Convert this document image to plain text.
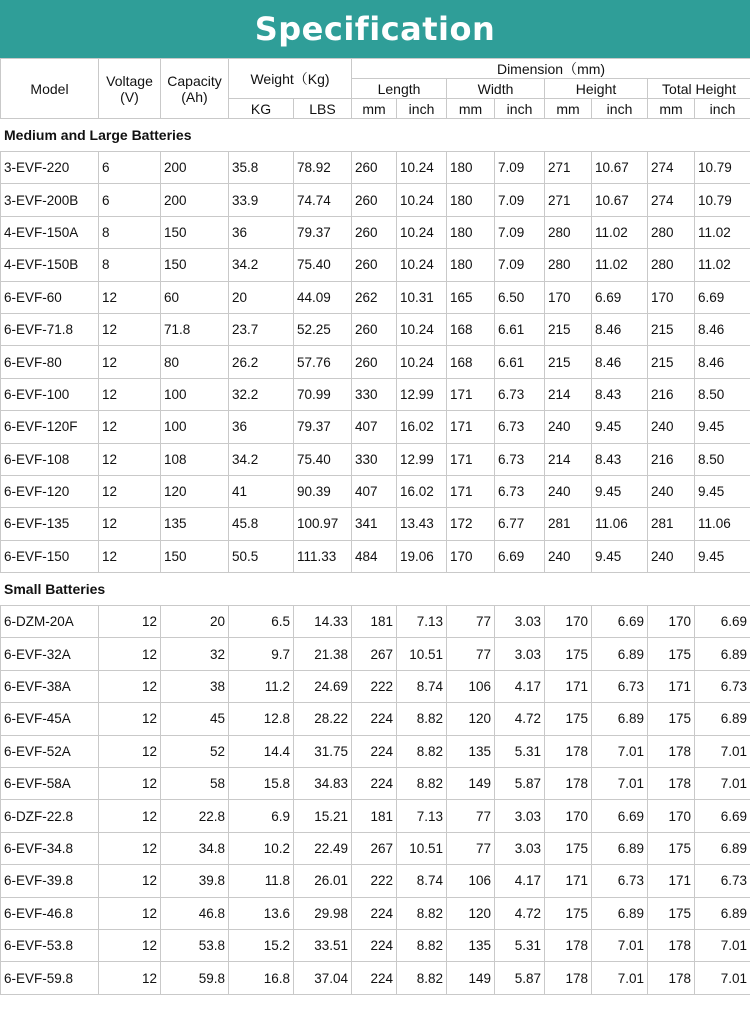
Specification
Model	Voltage (V)	Capacity (Ah)	Weight（Kg)		Dimension（mm)							
					Length		Width		Height		Total Height	
			KG	LBS	mm	inch	mm	inch	mm	inch	mm	inch
Medium and Large Batteries												
3-EVF-220	6	200	35.8	78.92	260	10.24	180	7.09	271	10.67	274	10.79
3-EVF-200B	6	200	33.9	74.74	260	10.24	180	7.09	271	10.67	274	10.79
4-EVF-150A	8	150	36	79.37	260	10.24	180	7.09	280	11.02	280	11.02
4-EVF-150B	8	150	34.2	75.40	260	10.24	180	7.09	280	11.02	280	11.02
6-EVF-60	12	60	20	44.09	262	10.31	165	6.50	170	6.69	170	6.69
6-EVF-71.8	12	71.8	23.7	52.25	260	10.24	168	6.61	215	8.46	215	8.46
6-EVF-80	12	80	26.2	57.76	260	10.24	168	6.61	215	8.46	215	8.46
6-EVF-100	12	100	32.2	70.99	330	12.99	171	6.73	214	8.43	216	8.50
6-EVF-120F	12	100	36	79.37	407	16.02	171	6.73	240	9.45	240	9.45
6-EVF-108	12	108	34.2	75.40	330	12.99	171	6.73	214	8.43	216	8.50
6-EVF-120	12	120	41	90.39	407	16.02	171	6.73	240	9.45	240	9.45
6-EVF-135	12	135	45.8	100.97	341	13.43	172	6.77	281	11.06	281	11.06
6-EVF-150	12	150	50.5	111.33	484	19.06	170	6.69	240	9.45	240	9.45
Small Batteries												
6-DZM-20A	12	20	6.5	14.33	181	7.13	77	3.03	170	6.69	170	6.69
6-EVF-32A	12	32	9.7	21.38	267	10.51	77	3.03	175	6.89	175	6.89
6-EVF-38A	12	38	11.2	24.69	222	8.74	106	4.17	171	6.73	171	6.73
6-EVF-45A	12	45	12.8	28.22	224	8.82	120	4.72	175	6.89	175	6.89
6-EVF-52A	12	52	14.4	31.75	224	8.82	135	5.31	178	7.01	178	7.01
6-EVF-58A	12	58	15.8	34.83	224	8.82	149	5.87	178	7.01	178	7.01
6-DZF-22.8	12	22.8	6.9	15.21	181	7.13	77	3.03	170	6.69	170	6.69
6-EVF-34.8	12	34.8	10.2	22.49	267	10.51	77	3.03	175	6.89	175	6.89
6-EVF-39.8	12	39.8	11.8	26.01	222	8.74	106	4.17	171	6.73	171	6.73
6-EVF-46.8	12	46.8	13.6	29.98	224	8.82	120	4.72	175	6.89	175	6.89
6-EVF-53.8	12	53.8	15.2	33.51	224	8.82	135	5.31	178	7.01	178	7.01
6-EVF-59.8	12	59.8	16.8	37.04	224	8.82	149	5.87	178	7.01	178	7.01
